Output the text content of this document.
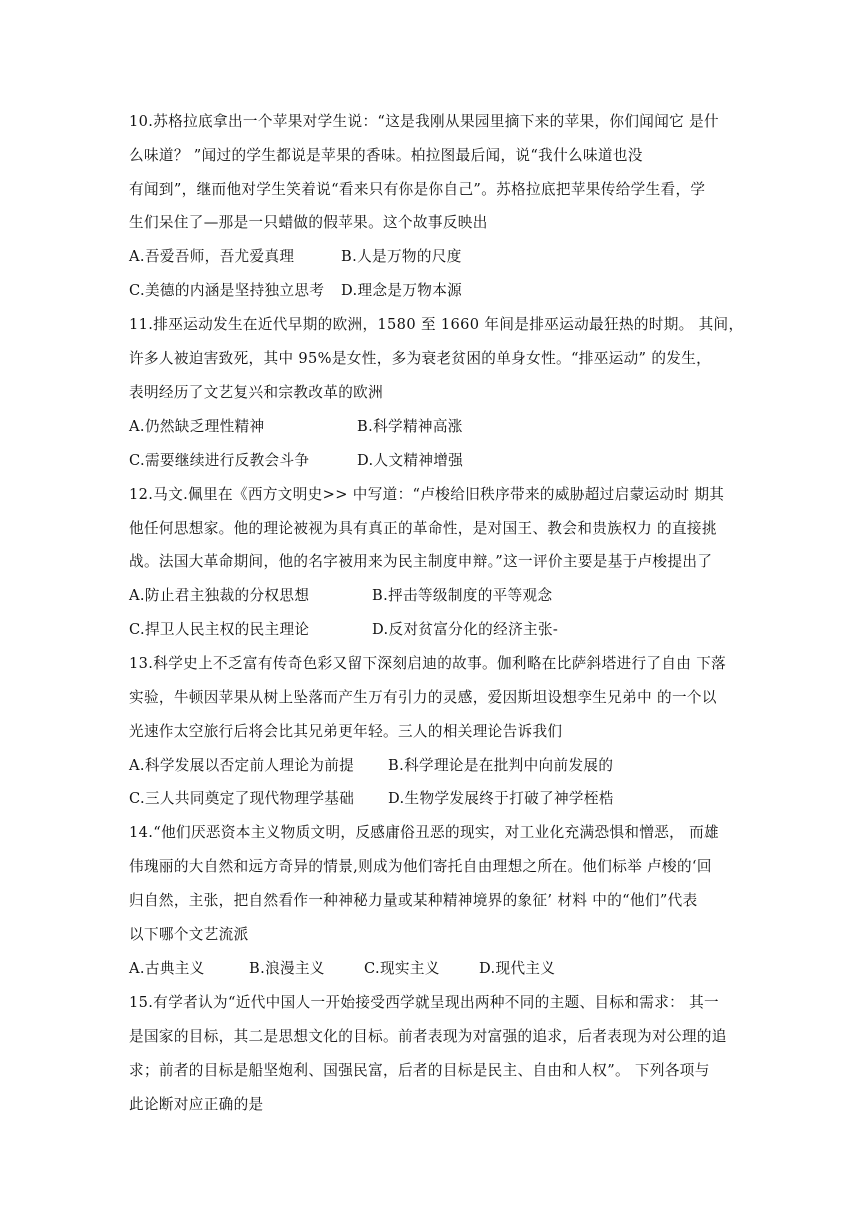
10.苏格拉底拿出一个苹果对学生说：“这是我刚从果园里摘下来的苹果，你们闻闻它 是什
么味道？ ”闻过的学生都说是苹果的香味。柏拉图最后闻，说“我什么味道也没
有闻到”，继而他对学生笑着说“看来只有你是你自己”。苏格拉底把苹果传给学生看，学
生们呆住了—那是一只蜡做的假苹果。这个故事反映出
A.吾爱吾师，吾尤爱真理	B.人是万物的尺度
C.美德的内涵是坚持独立思考 D.理念是万物本源
11.排巫运动发生在近代早期的欧洲，1580 至 1660 年间是排巫运动最狂热的时期。 其间，
许多人被迫害致死，其中 95%是女性，多为衰老贫困的单身女性。“排巫运动” 的发生，
表明经历了文艺复兴和宗教改革的欧洲
A.仍然缺乏理性精神	B.科学精神高涨
C.需要继续进行反教会斗争	D.人文精神增强
12.马文.佩里在《西方文明史>> 中写道：“卢梭给旧秩序带来的威胁超过启蒙运动时 期其
他任何思想家。他的理论被视为具有真正的革命性，是对国王、教会和贵族权力 的直接挑
战。法国大革命期间，他的名字被用来为民主制度申辩。”这一评价主要是基于卢梭提出了
A.防止君主独裁的分权思想	B.抨击等级制度的平等观念
C.捍卫人民主权的民主理论	D.反对贫富分化的经济主张-
13.科学史上不乏富有传奇色彩又留下深刻启迪的故事。伽利略在比萨斜塔进行了自由 下落
实验，牛顿因苹果从树上坠落而产生万有引力的灵感，爱因斯坦设想孪生兄弟中 的一个以
光速作太空旅行后将会比其兄弟更年轻。三人的相关理论告诉我们
A.科学发展以否定前人理论为前提 B.科学理论是在批判中向前发展的
C.三人共同奠定了现代物理学基础 D.生物学发展终于打破了神学桎梏
14.“他们厌恶资本主义物质文明，反感庸俗丑恶的现实，对工业化充满恐惧和憎恶， 而雄
伟瑰丽的大自然和远方奇异的情景,则成为他们寄托自由理想之所在。他们标举 卢梭的‘回
归自然，主张，把自然看作一种神秘力量或某种精神境界的象征’ 材料 中的“他们”代表
以下哪个文艺流派
A.古典主义	B.浪漫主义	C.现实主义	D.现代主义
15.有学者认为“近代中国人一开始接受西学就呈现出两种不同的主题、目标和需求： 其一
是国家的目标，其二是思想文化的目标。前者表现为对富强的追求，后者表现为对公理的追
求；前者的目标是船坚炮利、国强民富，后者的目标是民主、自由和人权”。 下列各项与
此论断对应正确的是
